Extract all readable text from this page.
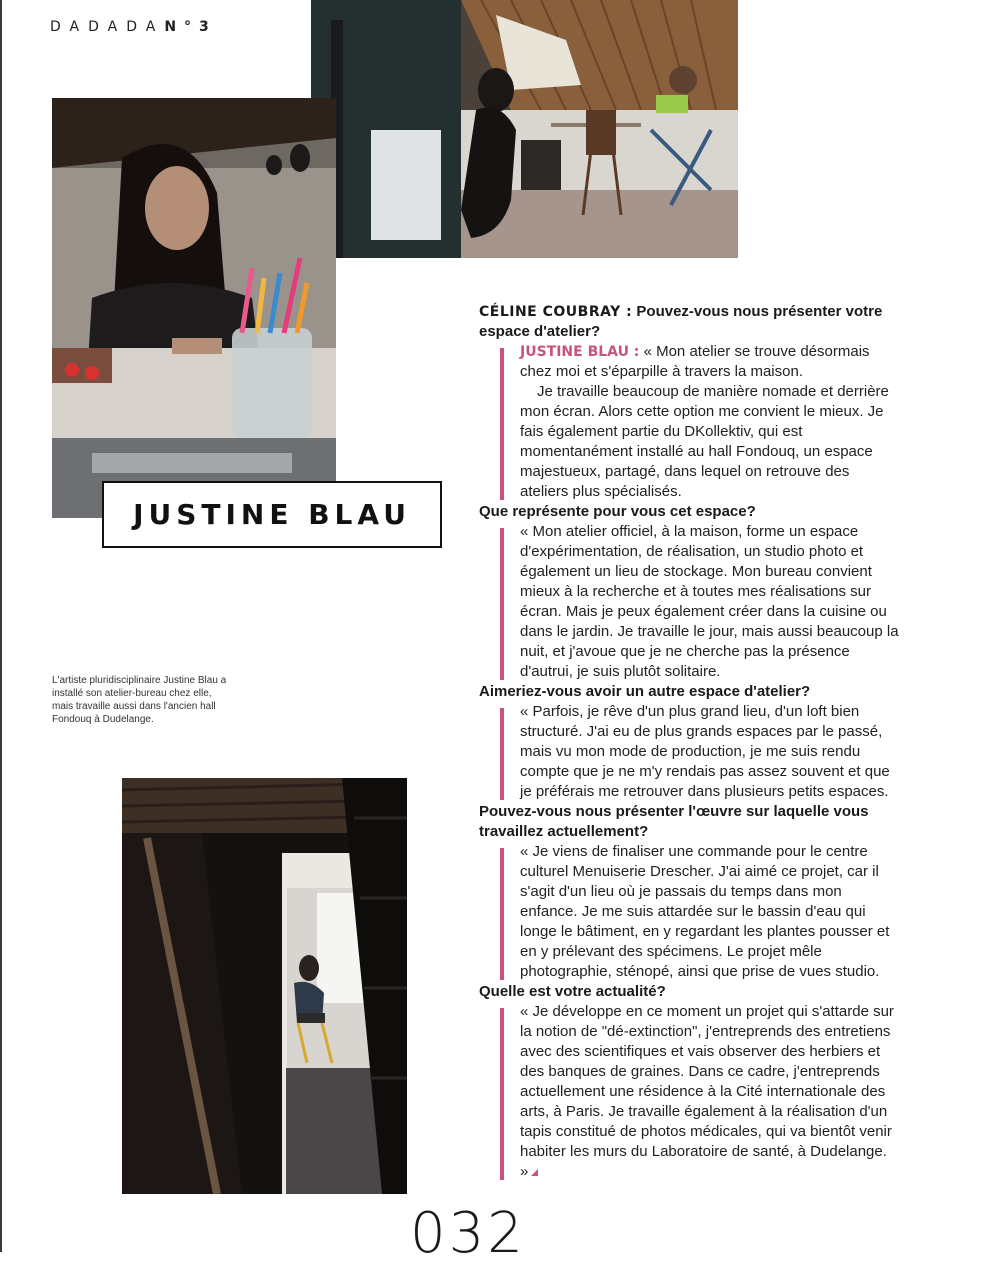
DADADAN°3
JUSTINE BLAU
L'artiste pluridisciplinaire Justine Blau a installé son atelier-bureau chez elle, mais travaille aussi dans l'ancien hall Fondouq à Dudelange.

CÉLINE COUBRAY : Pouvez-vous nous présenter votre espace d'atelier?

JUSTINE BLAU : « Mon atelier se trouve désormais chez moi et s'éparpille à travers la maison.

Je travaille beaucoup de manière nomade et derrière mon écran. Alors cette option me convient le mieux. Je fais également partie du DKollektiv, qui est momentanément installé au hall Fondouq, un espace majestueux, partagé, dans lequel on retrouve des ateliers plus spécialisés.

Que représente pour vous cet espace?

« Mon atelier officiel, à la maison, forme un espace d'expérimentation, de réalisation, un studio photo et également un lieu de stockage. Mon bureau convient mieux à la recherche et à toutes mes réalisations sur écran. Mais je peux également créer dans la cuisine ou dans le jardin. Je travaille le jour, mais aussi beaucoup la nuit, et j'avoue que je ne cherche pas la présence d'autrui, je suis plutôt solitaire.

Aimeriez-vous avoir un autre espace d'atelier?

« Parfois, je rêve d'un plus grand lieu, d'un loft bien structuré. J'ai eu de plus grands espaces par le passé, mais vu mon mode de production, je me suis rendu compte que je ne m'y rendais pas assez souvent et que je préférais me retrouver dans plusieurs petits espaces.

Pouvez-vous nous présenter l'œuvre sur laquelle vous travaillez actuellement?

« Je viens de finaliser une commande pour le centre culturel Menuiserie Drescher. J'ai aimé ce projet, car il s'agit d'un lieu où je passais du temps dans mon enfance. Je me suis attardée sur le bassin d'eau qui longe le bâtiment, en y regardant les plantes pousser et en y prélevant des spécimens. Le projet mêle photographie, sténopé, ainsi que prise de vues studio.

Quelle est votre actualité?

« Je développe en ce moment un projet qui s'attarde sur la notion de "dé-extinction", j'entreprends des entretiens avec des scientifiques et vais observer des herbiers et des banques de graines. Dans ce cadre, j'entreprends actuellement une résidence à la Cité internationale des arts, à Paris. Je travaille également à la réalisation d'un tapis constitué de photos médicales, qui va bientôt venir habiter les murs du Laboratoire de santé, à Dudelange. »

032
